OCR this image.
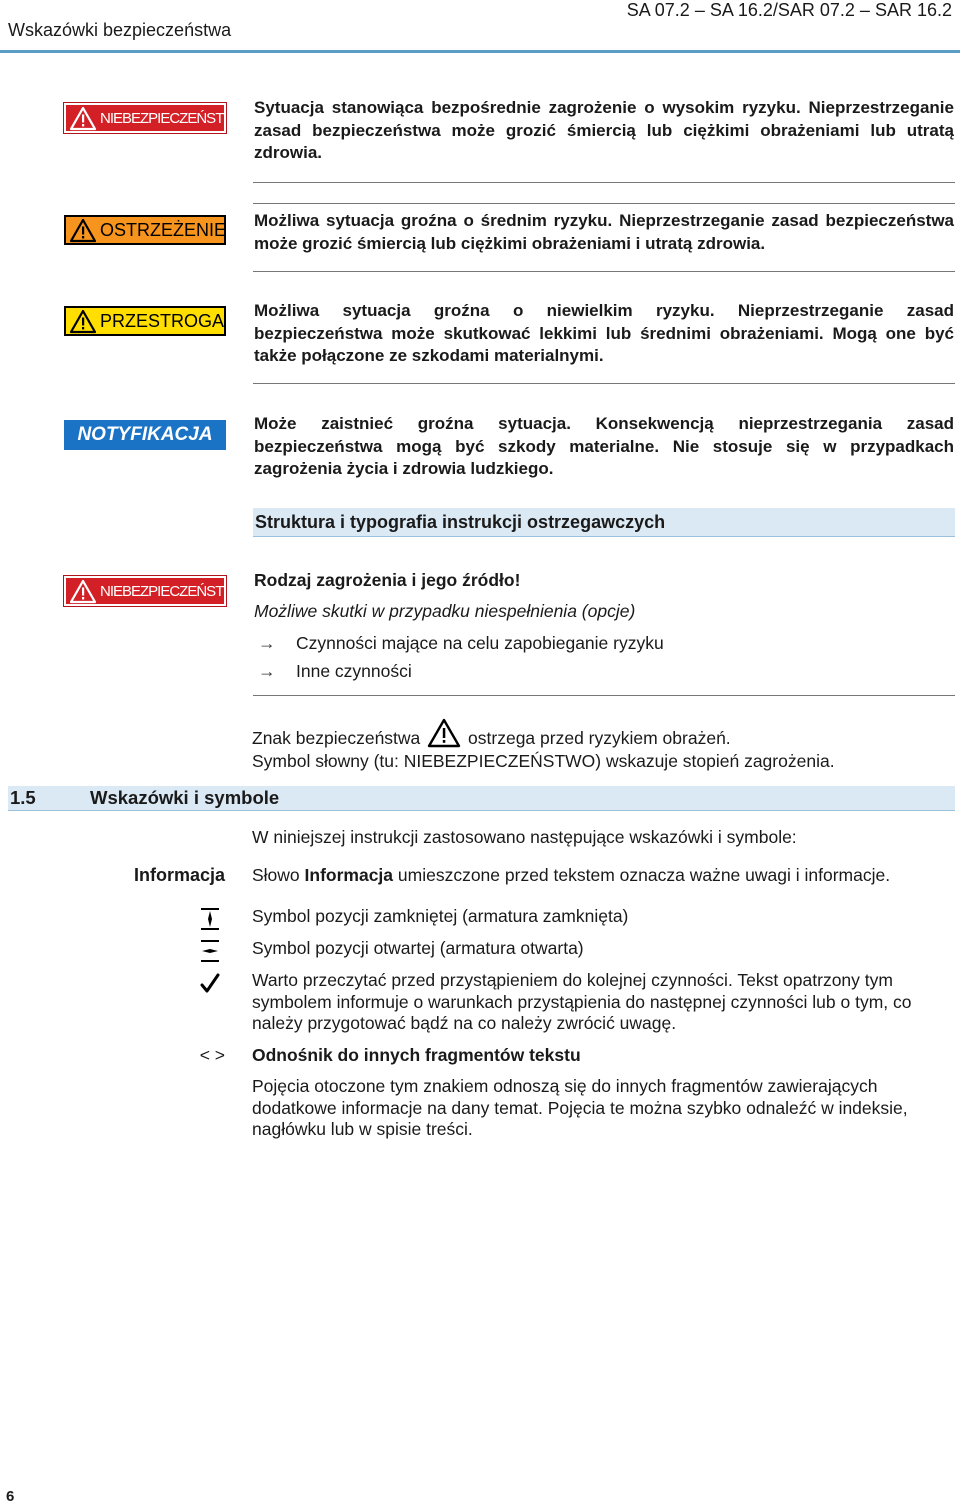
Wskazówki bezpieczeństwa
SA 07.2 – SA 16.2/SAR 07.2 – SAR 16.2
NIEBEZPIECZEŃSTWO
Sytuacja stanowiąca bezpośrednie zagrożenie o wysokim ryzyku. Nieprzestrzeganie zasad bezpieczeństwa może grozić śmiercią lub ciężkimi obrażeniami lub utratą zdrowia.
OSTRZEŻENIE Możliwa sytuacja groźna o średnim ryzyku. Nieprzestrzeganie zasad bezpieczeństwa może grozić śmiercią lub ciężkimi obrażeniami i utratą zdrowia.
PRZESTROGA Możliwa sytuacja groźna o niewielkim ryzyku. Nieprzestrzeganie zasad bezpieczeństwa może skutkować lekkimi lub średnimi obrażeniami. Mogą one być także połączone ze szkodami materialnymi.
NOTYFIKACJA
Może zaistnieć groźna sytuacja. Konsekwencją nieprzestrzegania zasad bezpieczeństwa mogą być szkody materialne. Nie stosuje się w przypadkach zagrożenia życia i zdrowia ludzkiego.
Struktura i typografia instrukcji ostrzegawczych
NIEBEZPIECZEŃSTWO
Rodzaj zagrożenia i jego źródło!
Możliwe skutki w przypadku niespełnienia (opcje)
→ Czynności mające na celu zapobieganie ryzyku
→ Inne czynności
Znak bezpieczeństwa	ostrzega przed ryzykiem obrażeń.
Symbol słowny (tu: NIEBEZPIECZEŃSTWO) wskazuje stopień zagrożenia.
1.5	Wskazówki i symbole
W niniejszej instrukcji zastosowano następujące wskazówki i symbole:
Informacja Słowo Informacja umieszczone przed tekstem oznacza ważne uwagi i informacje.
Symbol pozycji zamkniętej (armatura zamknięta)
Symbol pozycji otwartej (armatura otwarta)
Warto przeczytać przed przystąpieniem do kolejnej czynności. Tekst opatrzony tym symbolem informuje o warunkach przystąpienia do następnej czynności lub o tym, co należy przygotować bądź na co należy zwrócić uwagę.
< > Odnośnik do innych fragmentów tekstu
Pojęcia otoczone tym znakiem odnoszą się do innych fragmentów zawierających dodatkowe informacje na dany temat. Pojęcia te można szybko odnaleźć w indeksie, nagłówku lub w spisie treści.
6
